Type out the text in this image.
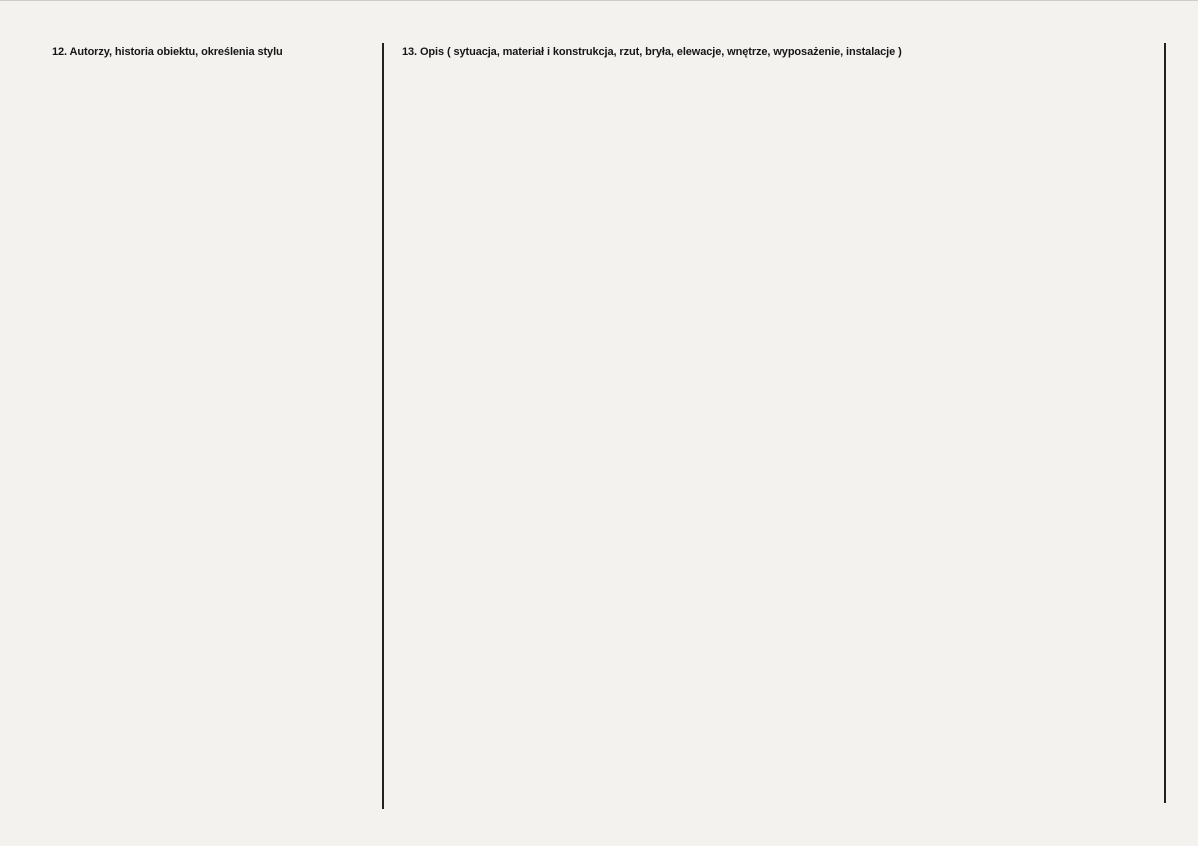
12. Autorzy, historia obiektu, określenia stylu	13. Opis ( sytuacja, materiał i konstrukcja, rzut, bryła, elewacje, wnętrze, wyposażenie, instalacje )
